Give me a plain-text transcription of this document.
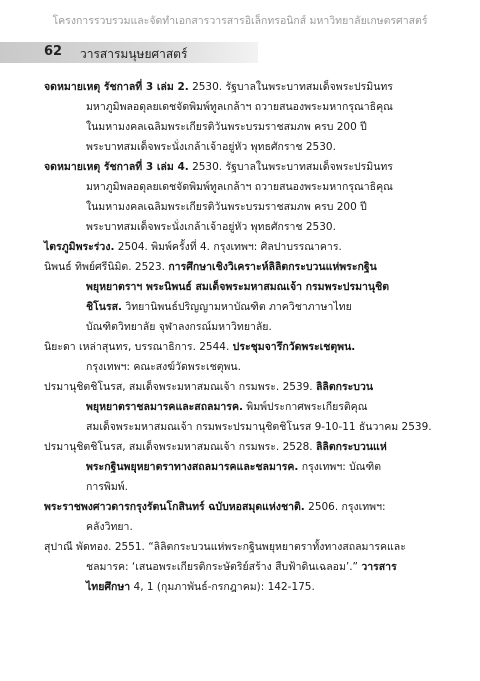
โครงการรวบรวมและจัดทำเอกสารวารสารอิเล็กทรอนิกส์ มหาวิทยาลัยเกษตรศาสตร์
62 วารสารมนุษยศาสตร์

จดหมายเหตุ รัชกาลที่ 3 เล่ม 2. 2530. รัฐบาลในพระบาทสมเด็จพระปรมินทร
มหาภูมิพลอดุลยเดชจัดพิมพ์ทูลเกล้าฯ ถวายสนองพระมหากรุณาธิคุณ
ในมหามงคลเฉลิมพระเกียรติวันพระบรมราชสมภพ ครบ 200 ปี
พระบาทสมเด็จพระนั่งเกล้าเจ้าอยู่หัว พุทธศักราช 2530.

จดหมายเหตุ รัชกาลที่ 3 เล่ม 4. 2530. รัฐบาลในพระบาทสมเด็จพระปรมินทร
มหาภูมิพลอดุลยเดชจัดพิมพ์ทูลเกล้าฯ ถวายสนองพระมหากรุณาธิคุณ
ในมหามงคลเฉลิมพระเกียรติวันพระบรมราชสมภพ ครบ 200 ปี
พระบาทสมเด็จพระนั่งเกล้าเจ้าอยู่หัว พุทธศักราช 2530.

ไตรภูมิพระร่วง. 2504. พิมพ์ครั้งที่ 4. กรุงเทพฯ: ศิลปาบรรณาคาร.

นิพนธ์ ทิพย์ศรีนิมิต. 2523. การศึกษาเชิงวิเคราะห์ลิลิตกระบวนแห่พระกฐิน
พยุหยาตราฯ พระนิพนธ์ สมเด็จพระมหาสมณเจ้า กรมพระปรมานุชิต
ชิโนรส. วิทยานิพนธ์ปริญญามหาบัณฑิต ภาควิชาภาษาไทย
บัณฑิตวิทยาลัย จุฬาลงกรณ์มหาวิทยาลัย.

นิยะดา เหล่าสุนทร, บรรณาธิการ. 2544. ประชุมจารึกวัดพระเชตุพน.
กรุงเทพฯ: คณะสงฆ์วัดพระเชตุพน.

ปรมานุชิตชิโนรส, สมเด็จพระมหาสมณเจ้า กรมพระ. 2539. ลิลิตกระบวน
พยุหยาตราชลมารคและสถลมารค. พิมพ์ประกาศพระเกียรติคุณ
สมเด็จพระมหาสมณเจ้า กรมพระปรมานุชิตชิโนรส 9-10-11 ธันวาคม 2539.

ปรมานุชิตชิโนรส, สมเด็จพระมหาสมณเจ้า กรมพระ. 2528. ลิลิตกระบวนแห่
พระกฐินพยุหยาตราทางสถลมารคและชลมารค. กรุงเทพฯ: บัณฑิต
การพิมพ์.

พระราชพงศาวดารกรุงรัตนโกสินทร์ ฉบับหอสมุดแห่งชาติ. 2506. กรุงเทพฯ:
คลังวิทยา.

สุปาณี พัดทอง. 2551. “ลิลิตกระบวนแห่พระกฐินพยุหยาตราทั้งทางสถลมารคและ
ชลมารค: ‘เสนอพระเกียรติกระษัตริย์สร้าง สืบฟ้าดินเฉลอม’.” วารสาร
ไทยศึกษา 4, 1 (กุมภาพันธ์-กรกฎาคม): 142-175.
